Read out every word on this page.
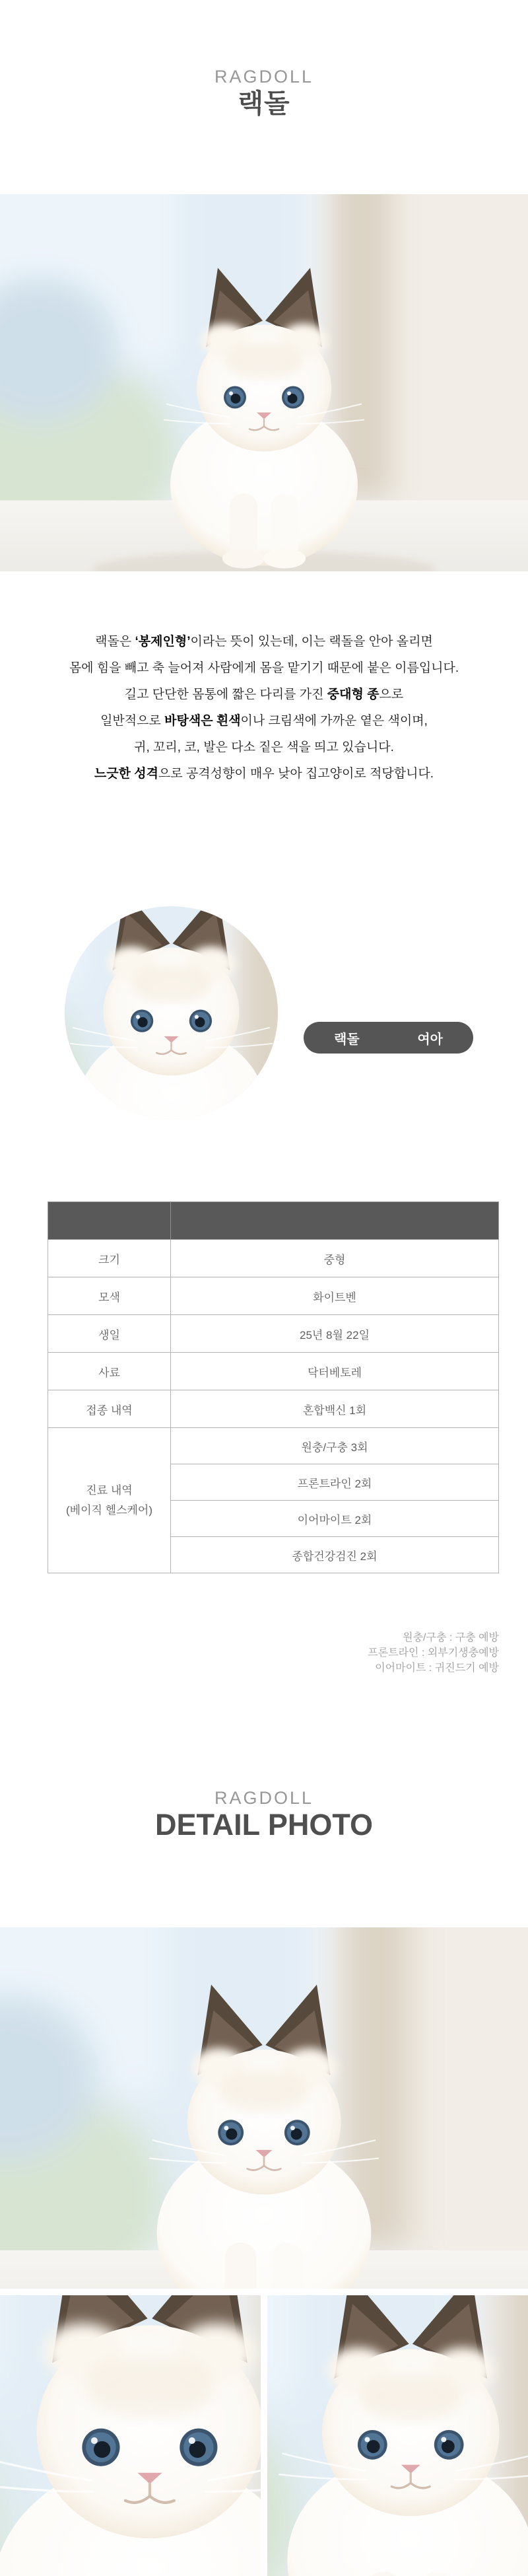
RAGDOLL
랙돌

랙돌은 ‘봉제인형’이라는 뜻이 있는데, 이는 랙돌을 안아 올리면

몸에 힘을 빼고 축 늘어져 사람에게 몸을 맡기기 때문에 붙은 이름입니다.

길고 단단한 몸통에 짧은 다리를 가진 중대형 종으로

일반적으로 바탕색은 흰색이나 크림색에 가까운 옅은 색이며,

귀, 꼬리, 코, 발은 다소 짙은 색을 띄고 있습니다.

느긋한 성격으로 공격성향이 매우 낮아 집고양이로 적당합니다.

랙돌	여아

크기	중형
모색	화이트벤
생일	25년 8월 22일
사료	닥터베토레
접종 내역	혼합백신 1회

진료 내역
(베이직 헬스케어)	원충/구충 3회
	프론트라인 2회
	이어마이트 2회
	종합건강검진 2회
원충/구충 : 구충 예방
프론트라인 : 외부기생충예방
이어마이트 : 귀진드기 예방
RAGDOLL
DETAIL PHOTO
